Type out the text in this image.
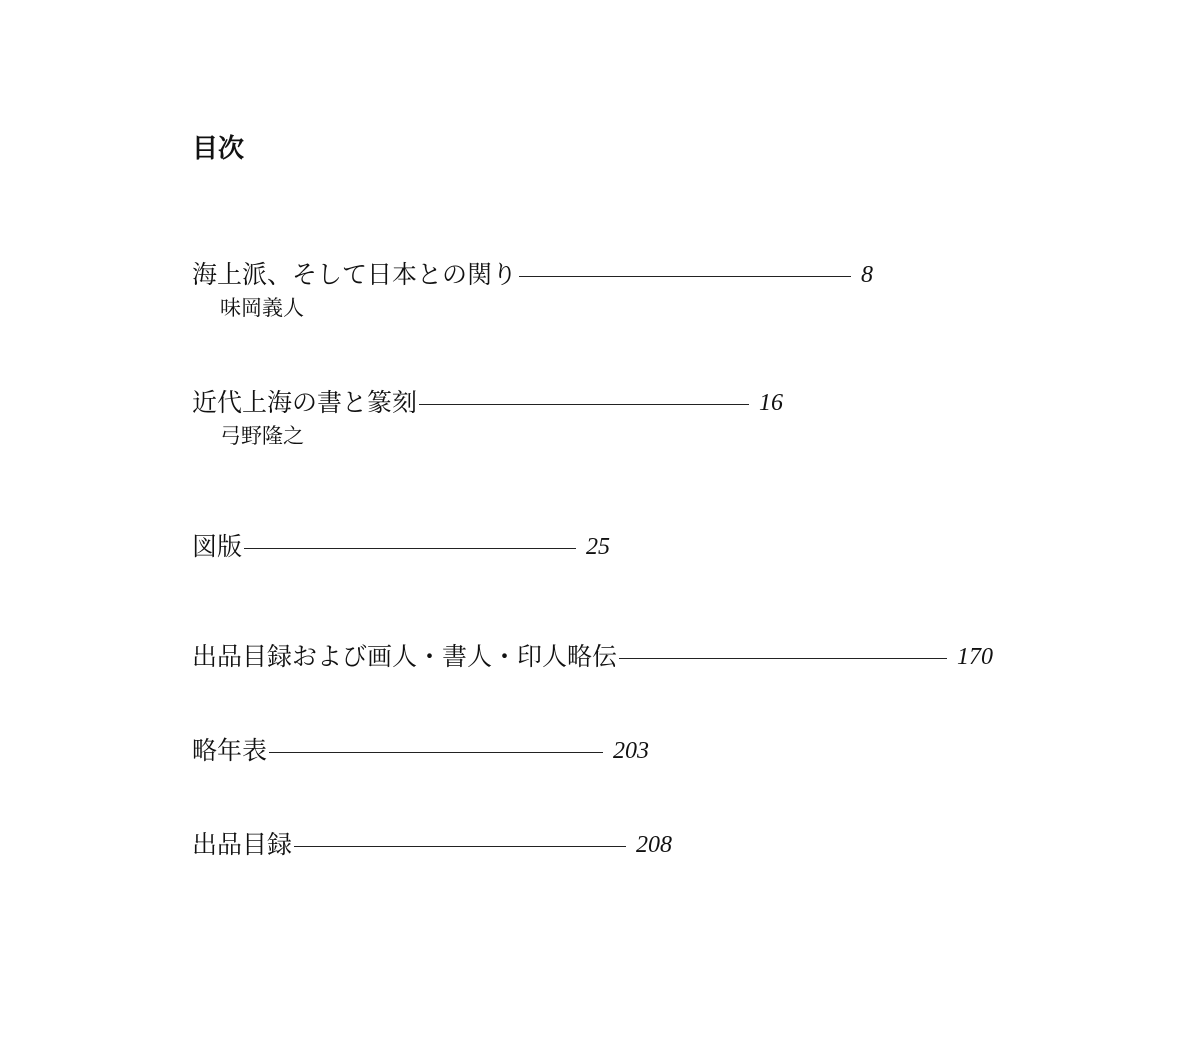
目次
海上派、そして日本との関り	8
味岡義人
近代上海の書と篆刻	16
弓野隆之
図版	25
出品目録および画人・書人・印人略伝	170
略年表	203
出品目録	208
